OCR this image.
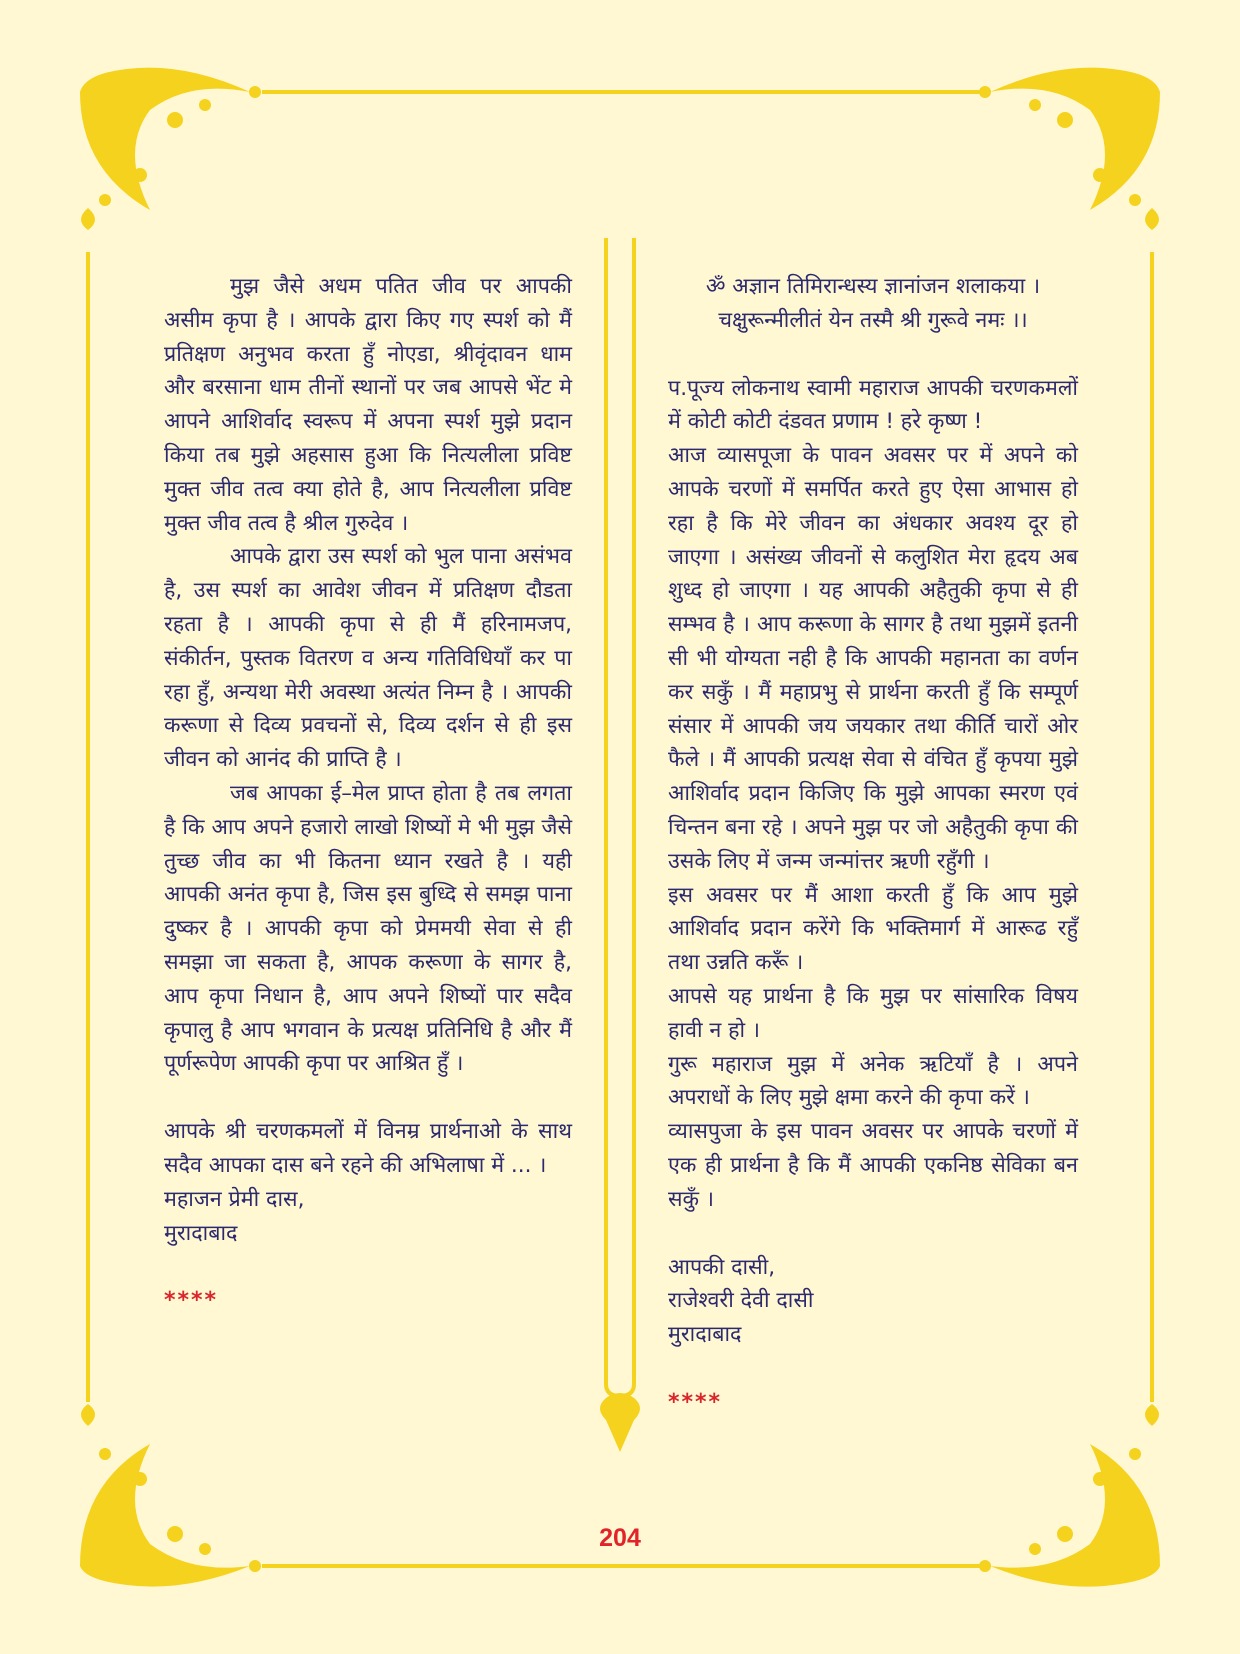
मुझ जैसे अधम पतित जीव पर आपकी असीम कृपा है । आपके द्वारा किए गए स्पर्श को मैं प्रतिक्षण अनुभव करता हुँ नोएडा, श्रीवृंदावन धाम और बरसाना धाम तीनों स्थानों पर जब आपसे भेंट मे आपने आशिर्वाद स्वरूप में अपना स्पर्श मुझे प्रदान किया तब मुझे अहसास हुआ कि नित्यलीला प्रविष्ट मुक्त जीव तत्व क्या होते है, आप नित्यलीला प्रविष्ट मुक्त जीव तत्व है श्रील गुरुदेव ।

आपके द्वारा उस स्पर्श को भुल पाना असंभव है, उस स्पर्श का आवेश जीवन में प्रतिक्षण दौडता रहता है । आपकी कृपा से ही मैं हरिनामजप, संकीर्तन, पुस्तक वितरण व अन्य गतिविधियाँ कर पा रहा हुँ, अन्यथा मेरी अवस्था अत्यंत निम्न है । आपकी करूणा से दिव्य प्रवचनों से, दिव्य दर्शन से ही इस जीवन को आनंद की प्राप्ति है ।

जब आपका ई–मेल प्राप्त होता है तब लगता है कि आप अपने हजारो लाखो शिष्यों मे भी मुझ जैसे तुच्छ जीव का भी कितना ध्यान रखते है । यही आपकी अनंत कृपा है, जिस इस बुध्दि से समझ पाना दुष्कर है । आपकी कृपा को प्रेममयी सेवा से ही समझा जा सकता है, आपक करूणा के सागर है, आप कृपा निधान है, आप अपने शिष्यों पार सदैव कृपालु है आप भगवान के प्रत्यक्ष प्रतिनिधि है और मैं पूर्णरूपेण आपकी कृपा पर आश्रित हुँ ।

आपके श्री चरणकमलों में विनम्र प्रार्थनाओ के साथ सदैव आपका दास बने रहने की अभिलाषा में ... ।

महाजन प्रेमी दास,

मुरादाबाद

****

ॐ अज्ञान तिमिरान्धस्य ज्ञानांजन शलाकया ।

चक्षुरून्मीलीतं येन तस्मै श्री गुरूवे नमः ।।

प.पूज्य लोकनाथ स्वामी महाराज आपकी चरणकमलों में कोटी कोटी दंडवत प्रणाम ! हरे कृष्ण !

आज व्यासपूजा के पावन अवसर पर में अपने को आपके चरणों में समर्पित करते हुए ऐसा आभास हो रहा है कि मेरे जीवन का अंधकार अवश्य दूर हो जाएगा । असंख्य जीवनों से कलुशित मेरा हृदय अब शुध्द हो जाएगा । यह आपकी अहैतुकी कृपा से ही सम्भव है । आप करूणा के सागर है तथा मुझमें इतनी सी भी योग्यता नही है कि आपकी महानता का वर्णन कर सकुँ । मैं महाप्रभु से प्रार्थना करती हुँ कि सम्पूर्ण संसार में आपकी जय जयकार तथा कीर्ति चारों ओर फैले । मैं आपकी प्रत्यक्ष सेवा से वंचित हुँ कृपया मुझे आशिर्वाद प्रदान किजिए कि मुझे आपका स्मरण एवं चिन्तन बना रहे । अपने मुझ पर जो अहैतुकी कृपा की उसके लिए में जन्म जन्मांत्तर ऋणी रहुँगी ।

इस अवसर पर मैं आशा करती हुँ कि आप मुझे आशिर्वाद प्रदान करेंगे कि भक्तिमार्ग में आरूढ रहुँ तथा उन्नति करूँ ।

आपसे यह प्रार्थना है कि मुझ पर सांसारिक विषय हावी न हो ।

गुरू महाराज मुझ में अनेक ऋटियाँ है । अपने अपराधों के लिए मुझे क्षमा करने की कृपा करें ।

व्यासपुजा के इस पावन अवसर पर आपके चरणों में एक ही प्रार्थना है कि मैं आपकी एकनिष्ठ सेविका बन सकुँ ।

आपकी दासी,

राजेश्वरी देवी दासी

मुरादाबाद

****
204
